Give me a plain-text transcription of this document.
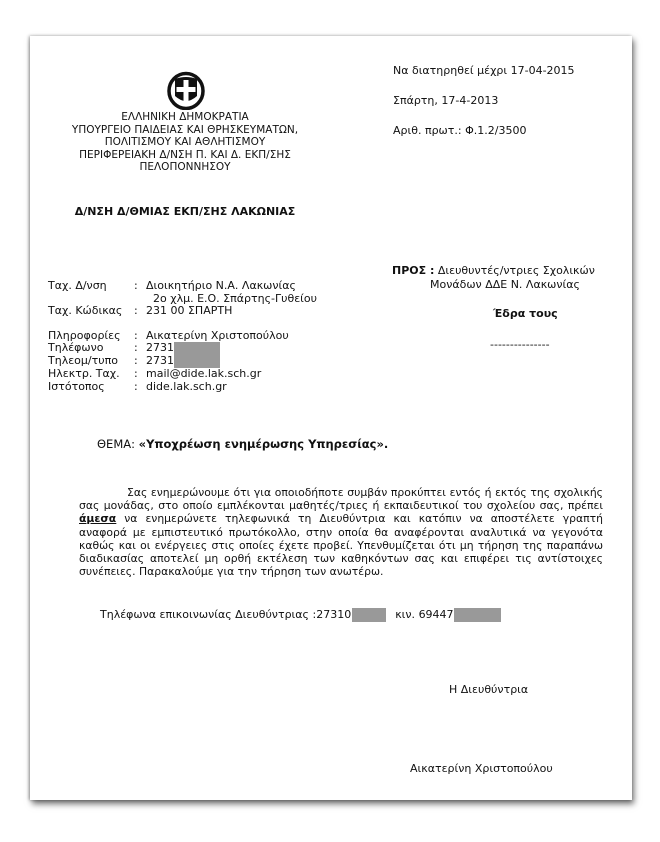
ΕΛΛΗΝΙΚΗ ΔΗΜΟΚΡΑΤΙΑ
ΥΠΟΥΡΓΕΙΟ ΠΑΙΔΕΙΑΣ ΚΑΙ ΘΡΗΣΚΕΥΜΑΤΩΝ,
ΠΟΛΙΤΙΣΜΟΥ ΚΑΙ ΑΘΛΗΤΙΣΜΟΥ
ΠΕΡΙΦΕΡΕΙΑΚΗ Δ/ΝΣΗ Π. ΚΑΙ Δ. ΕΚΠ/ΣΗΣ
ΠΕΛΟΠΟΝΝΗΣΟΥ
Δ/ΝΣΗ Δ/ΘΜΙΑΣ ΕΚΠ/ΣΗΣ ΛΑΚΩΝΙΑΣ
Να διατηρηθεί μέχρι 17-04-2015
Σπάρτη, 17-4-2013
Αριθ. πρωτ.: Φ.1.2/3500
Ταχ. Δ/νση	: Διοικητήριο Ν.Α. Λακωνίας
2ο χλμ. Ε.Ο. Σπάρτης-Γυθείου
Ταχ. Κώδικας	: 231 00 ΣΠΑΡΤΗ
Πληροφορίες	: Αικατερίνη Χριστοπούλου
Τηλέφωνο	: 2731
Τηλεομ/τυπο	: 2731
Ηλεκτρ. Ταχ.	: mail@dide.lak.sch.gr
Ιστότοπος	: dide.lak.sch.gr
ΠΡΟΣ : Διευθυντές/ντριες Σχολικών
Μονάδων ΔΔΕ Ν. Λακωνίας
Έδρα τους
---------------
ΘΕΜΑ: «Υποχρέωση ενημέρωσης Υπηρεσίας».

Σας ενημερώνουμε ότι για οποιοδήποτε συμβάν προκύπτει εντός ή εκτός της σχολικής σας μονάδας, στο οποίο εμπλέκονται μαθητές/τριες ή εκπαιδευτικοί του σχολείου σας, πρέπει άμεσα να ενημερώνετε τηλεφωνικά τη Διευθύντρια και κατόπιν να αποστέλετε γραπτή αναφορά με εμπιστευτικό πρωτόκολλο, στην οποία θα αναφέρονται αναλυτικά να γεγονότα καθώς και οι ενέργειες στις οποίες έχετε προβεί. Υπενθυμίζεται ότι μη τήρηση της παραπάνω διαδικασίας αποτελεί μη ορθή εκτέλεση των καθηκόντων σας και επιφέρει τις αντίστοιχες συνέπειες. Παρακαλούμε για την τήρηση των ανωτέρω.

Τηλέφωνα επικοινωνίας Διευθύντριας :27310	κιν. 69447
Η Διευθύντρια
Αικατερίνη Χριστοπούλου
